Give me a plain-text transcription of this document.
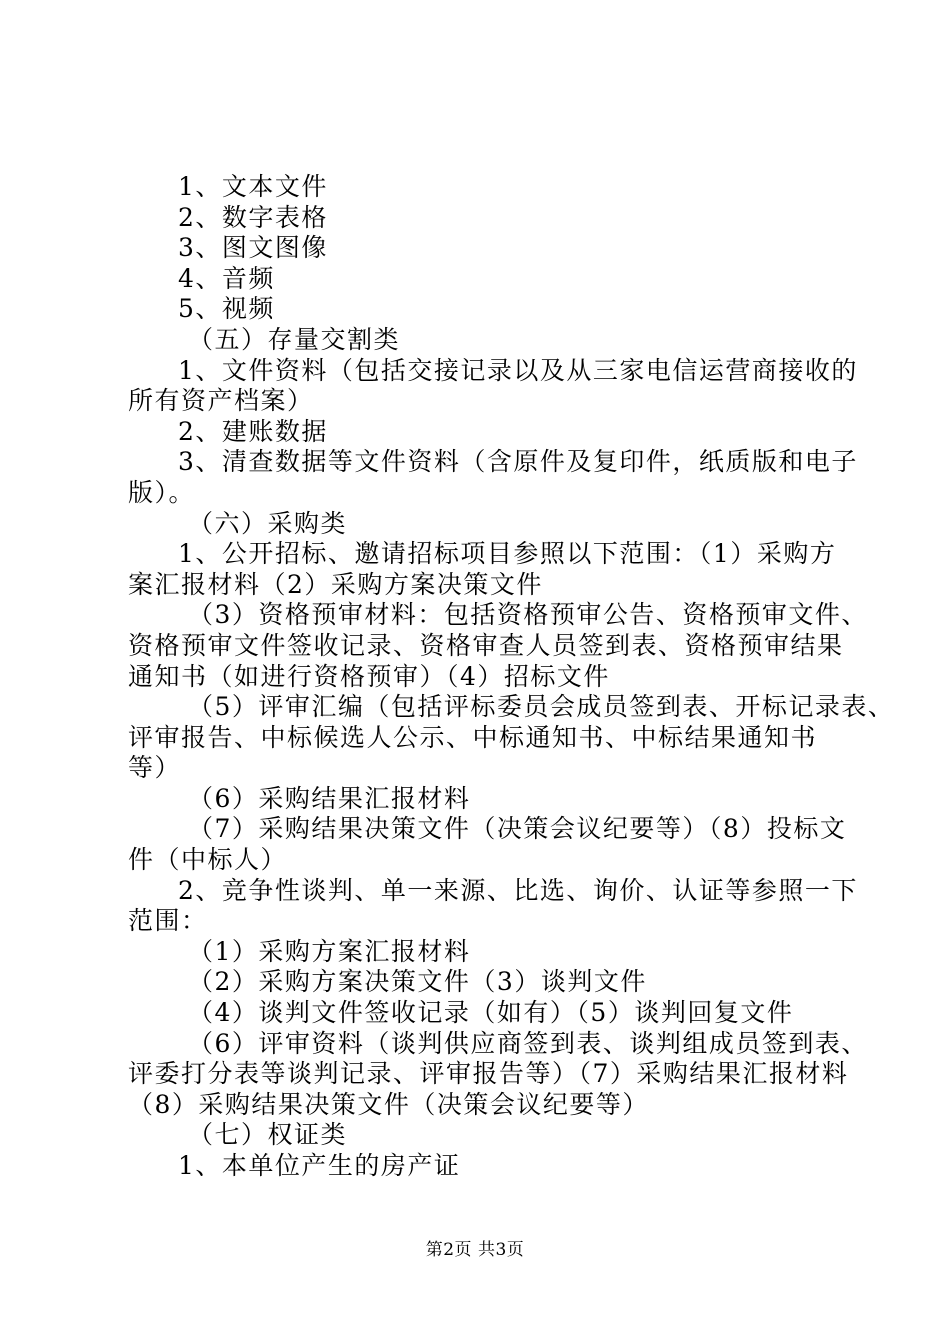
1、文本文件

2、数字表格

3、图文图像

4、音频

5、视频

（五）存量交割类

1、文件资料（包括交接记录以及从三家电信运营商接收的

所有资产档案）

2、建账数据

3、清查数据等文件资料（含原件及复印件，纸质版和电子

版）。

（六）采购类

1、公开招标、邀请招标项目参照以下范围：（1）采购方

案汇报材料（2）采购方案决策文件

（3）资格预审材料：包括资格预审公告、资格预审文件、

资格预审文件签收记录、资格审查人员签到表、资格预审结果

通知书（如进行资格预审）（4）招标文件

（5）评审汇编（包括评标委员会成员签到表、开标记录表、

评审报告、中标候选人公示、中标通知书、中标结果通知书

等）

（6）采购结果汇报材料

（7）采购结果决策文件（决策会议纪要等）（8）投标文

件（中标人）

2、竞争性谈判、单一来源、比选、询价、认证等参照一下

范围：

（1）采购方案汇报材料

（2）采购方案决策文件（3）谈判文件

（4）谈判文件签收记录（如有）（5）谈判回复文件

（6）评审资料（谈判供应商签到表、谈判组成员签到表、

评委打分表等谈判记录、评审报告等）（7）采购结果汇报材料

（8）采购结果决策文件（决策会议纪要等）

（七）权证类

1、本单位产生的房产证

第2页 共3页
